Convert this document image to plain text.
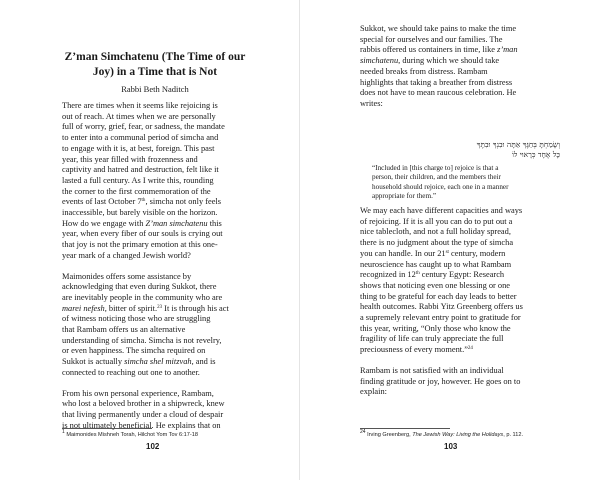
Z’man Simchatenu (The Time of our
Joy) in a Time that is Not
Rabbi Beth Naditch

There are times when it seems like rejoicing is

out of reach. At times when we are personally

full of worry, grief, fear, or sadness, the mandate

to enter into a communal period of simcha and

to engage with it is, at best, foreign. This past

year, this year filled with frozenness and

captivity and hatred and destruction, felt like it

lasted a full century. As I write this, rounding

the corner to the first commemoration of the

events of last October 7th, simcha not only feels

inaccessible, but barely visible on the horizon.

How do we engage with Z’man simchatenu this

year, when every fiber of our souls is crying out

that joy is not the primary emotion at this one-

year mark of a changed Jewish world?

Maimonides offers some assistance by

acknowledging that even during Sukkot, there

are inevitably people in the community who are

marei nefesh, bitter of spirit.$^{23}$ It is through his act

of witness noticing those who are struggling

that Rambam offers us an alternative

understanding of simcha. Simcha is not revelry,

or even happiness. The simcha required on

Sukkot is actually simcha shel mitzvah, and is

connected to reaching out one to another.

From his own personal experience, Rambam,

who lost a beloved brother in a shipwreck, knew

that living permanently under a cloud of despair

is not ultimately beneficial. He explains that on

$^1$ Maimonides Mishneh Torah, Hilchot Yom Tov 6:17-18
102

Sukkot, we should take pains to make the time

special for ourselves and our families. The

rabbis offered us containers in time, like z’man

simchatenu, during which we should take

needed breaks from distress. Rambam

highlights that taking a breather from distress

does not have to mean raucous celebration. He

writes:

וְשָׂמַחְתָּ בְּחַגֶּךָ אַתָּה וּבִנְךָ וּבִתֶּךָ

כָּל אֶחָד כְּרָאוּי לוֹ

“Included in [this charge to] rejoice is that a

person, their children, and the members their

household should rejoice, each one in a manner

appropriate for them.”

We may each have different capacities and ways

of rejoicing. If it is all you can do to put out a

nice tablecloth, and not a full holiday spread,

there is no judgment about the type of simcha

you can handle. In our 21st century, modern

neuroscience has caught up to what Rambam

recognized in 12th century Egypt: Research

shows that noticing even one blessing or one

thing to be grateful for each day leads to better

health outcomes. Rabbi Yitz Greenberg offers us

a supremely relevant entry point to gratitude for

this year, writing, “Only those who know the

fragility of life can truly appreciate the full

preciousness of every moment.”$^{24}$

Rambam is not satisfied with an individual

finding gratitude or joy, however. He goes on to

explain:

$^{24}$ Irving Greenberg, The Jewish Way: Living the Holidays, p. 112.
103
